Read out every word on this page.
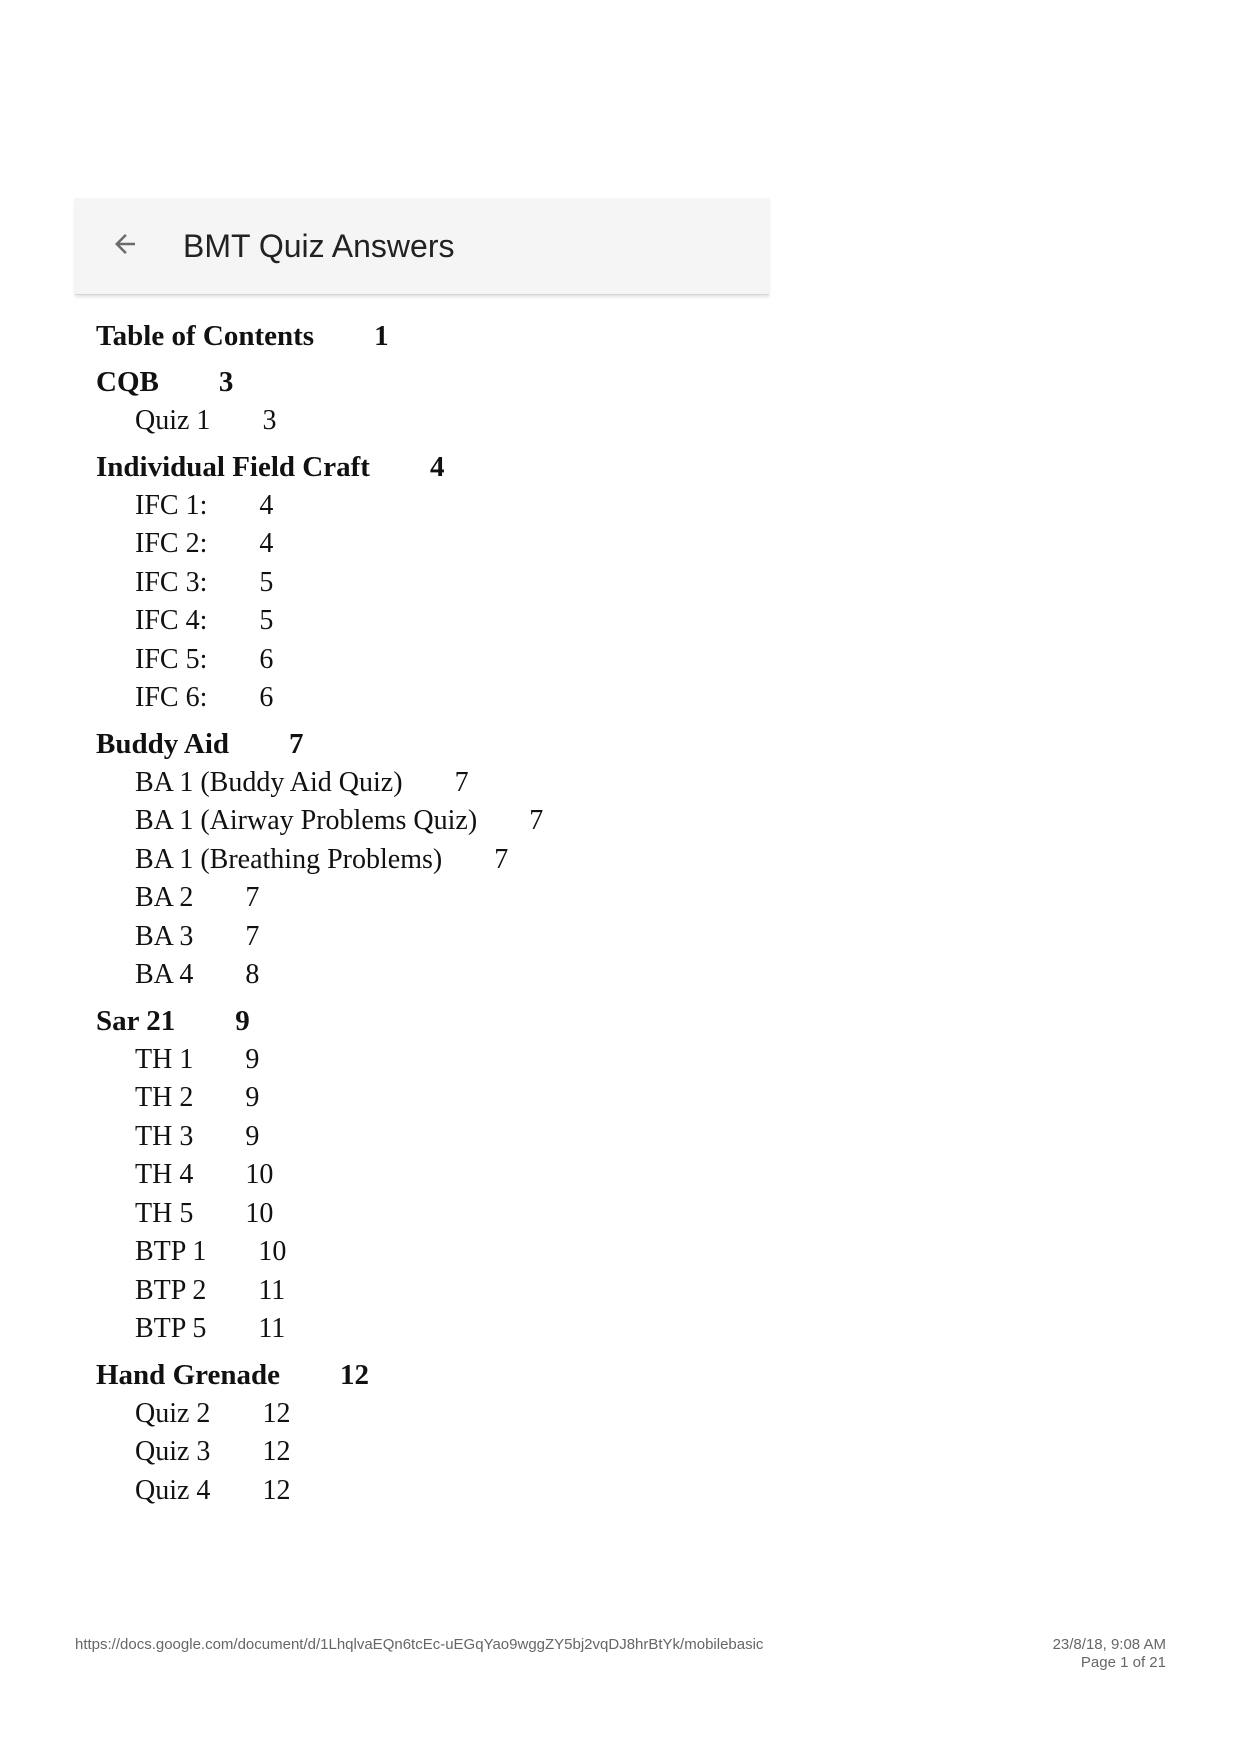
BMT Quiz Answers
Table of Contents 1
CQB 3
Quiz 1 3
Individual Field Craft 4
IFC 1: 4
IFC 2: 4
IFC 3: 5
IFC 4: 5
IFC 5: 6
IFC 6: 6
Buddy Aid 7
BA 1 (Buddy Aid Quiz) 7
BA 1 (Airway Problems Quiz) 7
BA 1 (Breathing Problems) 7
BA 2 7
BA 3 7
BA 4 8
Sar 21 9
TH 1 9
TH 2 9
TH 3 9
TH 4 10
TH 5 10
BTP 1 10
BTP 2 11
BTP 5 11
Hand Grenade 12
Quiz 2 12
Quiz 3 12
Quiz 4 12
https://docs.google.com/document/d/1LhqlvaEQn6tcEc-uEGqYao9wggZY5bj2vqDJ8hrBtYk/mobilebasic	23/8/18, 9:08 AM
Page 1 of 21
